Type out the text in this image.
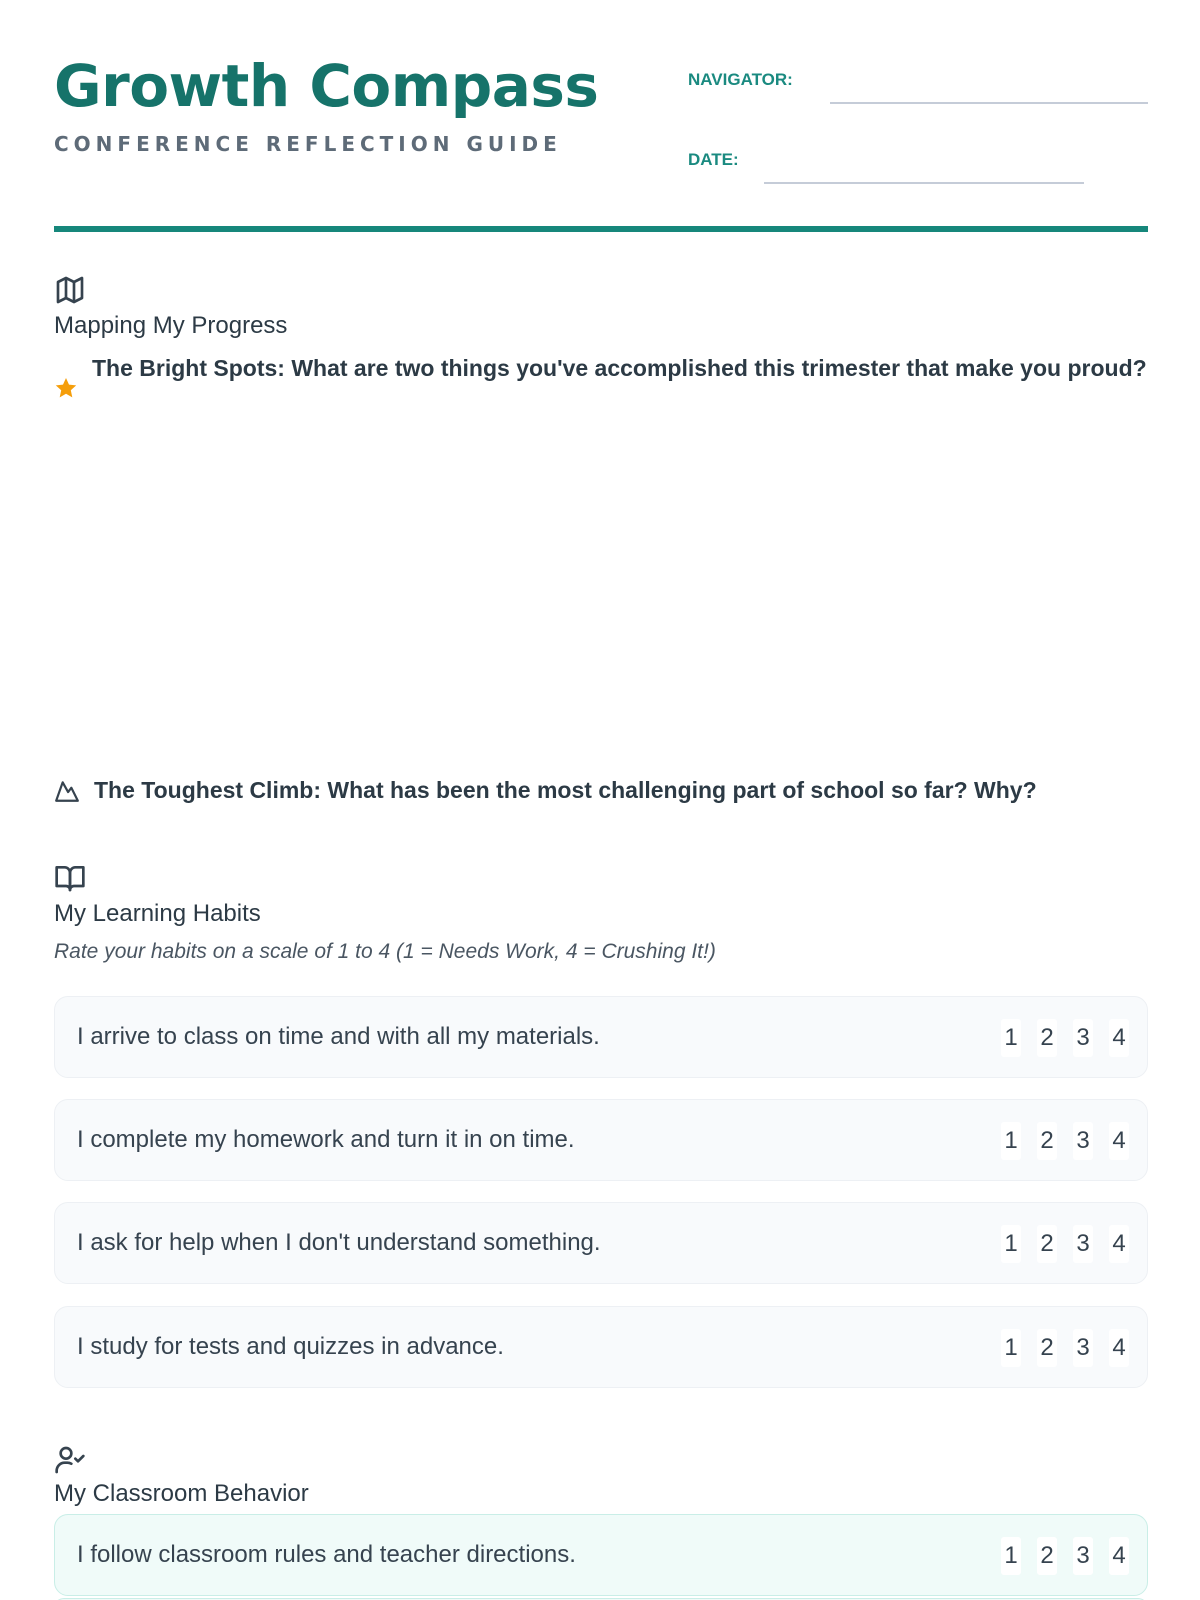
Growth Compass
CONFERENCE REFLECTION GUIDE
NAVIGATOR:
DATE:
Mapping My Progress
The Bright Spots: What are two things you've accomplished this trimester that make you proud?
The Toughest Climb: What has been the most challenging part of school so far? Why?
My Learning Habits
Rate your habits on a scale of 1 to 4 (1 = Needs Work, 4 = Crushing It!)
I arrive to class on time and with all my materials.	1 2 3 4
I complete my homework and turn it in on time.	1 2 3 4
I ask for help when I don't understand something.	1 2 3 4
I study for tests and quizzes in advance.	1 2 3 4
My Classroom Behavior
I follow classroom rules and teacher directions.	1 2 3 4
